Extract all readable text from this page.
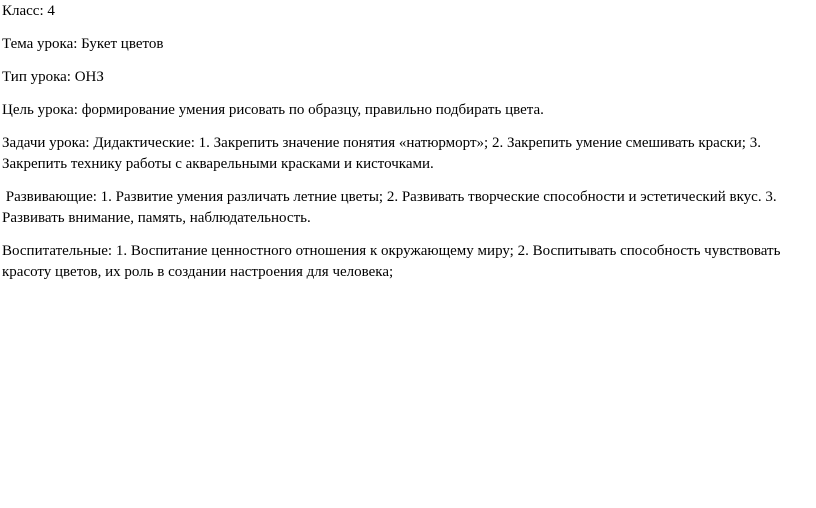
Класс: 4

Тема урока: Букет цветов

Тип урока: ОНЗ

Цель урока: формирование умения рисовать по образцу, правильно подбирать цвета.

Задачи урока: Дидактические: 1. Закрепить значение понятия «натюрморт»; 2. Закрепить умение смешивать краски; 3. Закрепить технику работы с акварельными красками и кисточками.

Развивающие: 1. Развитие умения различать летние цветы; 2. Развивать творческие способности и эстетический вкус. 3. Развивать внимание, память, наблюдательность.

Воспитательные: 1. Воспитание ценностного отношения к окружающему миру; 2. Воспитывать способность чувствовать красоту цветов, их роль в создании настроения для человека;
